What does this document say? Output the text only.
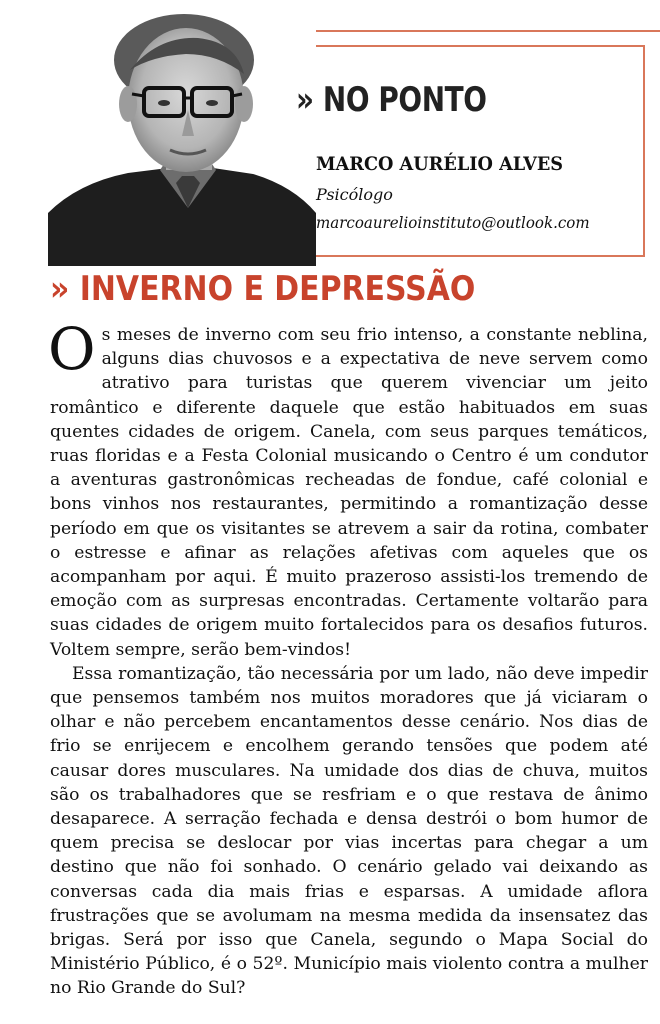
» NO PONTO
MARCO AURÉLIO ALVES
Psicólogo
marcoaurelioinstituto@outlook.com
» INVERNO E DEPRESSÃO

Os meses de inverno com seu frio intenso, a constante neblina, alguns dias chuvosos e a expectativa de neve servem como atrativo para turistas que querem vivenciar um jeito romântico e diferente daquele que estão habituados em suas quentes cidades de origem. Canela, com seus parques temáticos, ruas floridas e a Festa Colonial musicando o Centro é um condutor a aventuras gastronômicas recheadas de fondue, café colonial e bons vinhos nos restaurantes, permitindo a romantização desse período em que os visitantes se atrevem a sair da rotina, combater o estresse e afinar as relações afetivas com aqueles que os acompanham por aqui. É muito prazeroso assisti-los tremendo de emoção com as surpresas encontradas. Certamente voltarão para suas cidades de origem muito fortalecidos para os desafios futuros. Voltem sempre, serão bem-vindos!

Essa romantização, tão necessária por um lado, não deve impedir que pensemos também nos muitos moradores que já viciaram o olhar e não percebem encantamentos desse cenário. Nos dias de frio se enrijecem e encolhem gerando tensões que podem até causar dores musculares. Na umidade dos dias de chuva, muitos são os trabalhadores que se resfriam e o que restava de ânimo desaparece. A serração fechada e densa destrói o bom humor de quem precisa se deslocar por vias incertas para chegar a um destino que não foi sonhado. O cenário gelado vai deixando as conversas cada dia mais frias e esparsas. A umidade aflora frustrações que se avolumam na mesma medida da insensatez das brigas. Será por isso que Canela, segundo o Mapa Social do Ministério Público, é o 52º. Município mais violento contra a mulher no Rio Grande do Sul?
